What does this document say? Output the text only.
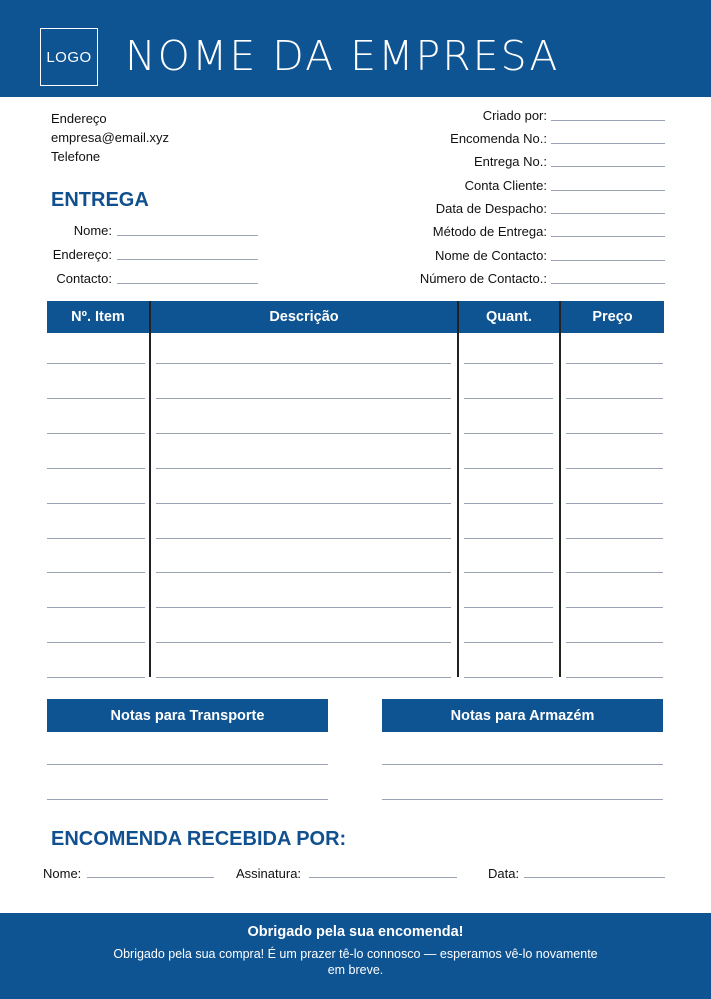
LOGO NOME DA EMPRESA
Endereço
empresa@email.xyz
Telefone
Criado por:
Encomenda No.:
Entrega No.:
Conta Cliente:
Data de Despacho:
Método de Entrega:
Nome de Contacto:
Número de Contacto.:
ENTREGA
Nome:
Endereço:
Contacto:
Nº. Item	Descrição	Quant.	Preço
Notas para Transporte	Notas para Armazém
ENCOMENDA RECEBIDA POR:
Nome:	Assinatura:	Data:
Obrigado pela sua encomenda!
Obrigado pela sua compra! É um prazer tê-lo connosco — esperamos vê-lo novamente em breve.
